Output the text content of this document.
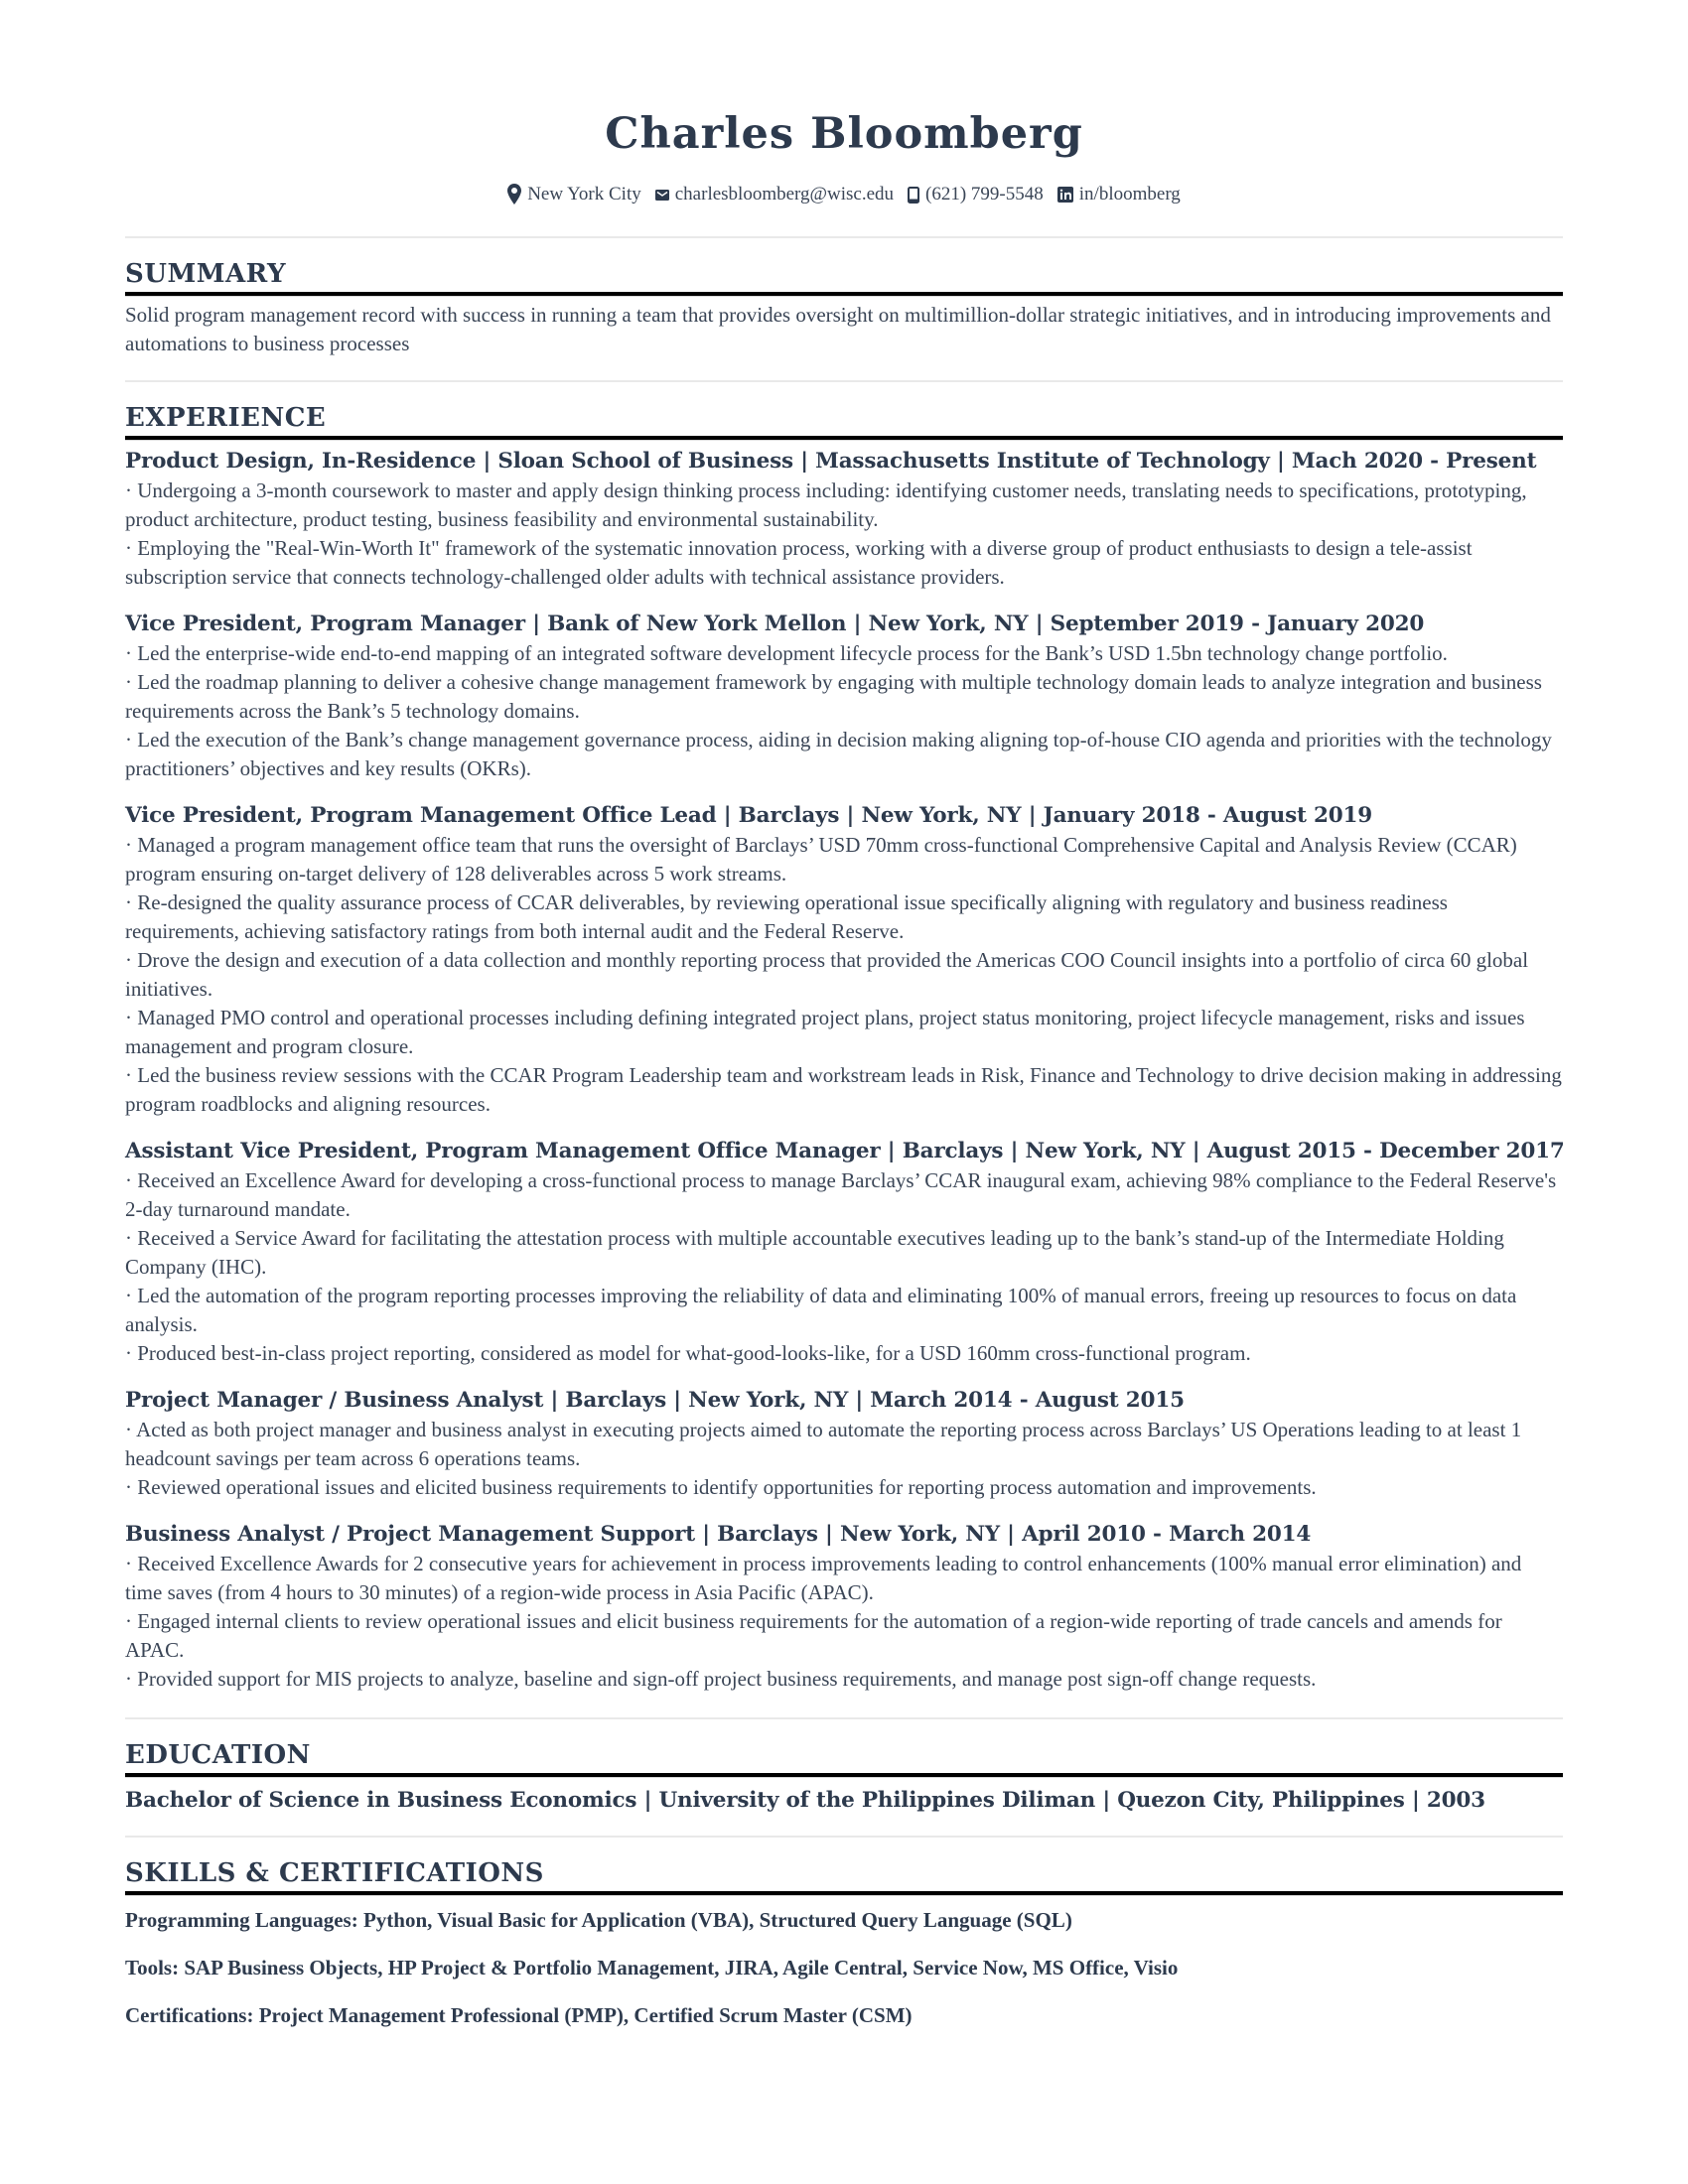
Charles Bloomberg
New York City charlesbloomberg@wisc.edu (621) 799-5548 in/bloomberg
SUMMARY
Solid program management record with success in running a team that provides oversight on multimillion-dollar strategic initiatives, and in introducing improvements and automations to business processes
EXPERIENCE
Product Design, In-Residence | Sloan School of Business | Massachusetts Institute of Technology | Mach 2020 - Present
· Undergoing a 3-month coursework to master and apply design thinking process including: identifying customer needs, translating needs to specifications, prototyping, product architecture, product testing, business feasibility and environmental sustainability.
· Employing the "Real-Win-Worth It" framework of the systematic innovation process, working with a diverse group of product enthusiasts to design a tele-assist subscription service that connects technology-challenged older adults with technical assistance providers.
Vice President, Program Manager | Bank of New York Mellon | New York, NY | September 2019 - January 2020
· Led the enterprise-wide end-to-end mapping of an integrated software development lifecycle process for the Bank’s USD 1.5bn technology change portfolio.
· Led the roadmap planning to deliver a cohesive change management framework by engaging with multiple technology domain leads to analyze integration and business requirements across the Bank’s 5 technology domains.
· Led the execution of the Bank’s change management governance process, aiding in decision making aligning top-of-house CIO agenda and priorities with the technology practitioners’ objectives and key results (OKRs).
Vice President, Program Management Office Lead | Barclays | New York, NY | January 2018 - August 2019
· Managed a program management office team that runs the oversight of Barclays’ USD 70mm cross-functional Comprehensive Capital and Analysis Review (CCAR) program ensuring on-target delivery of 128 deliverables across 5 work streams.
· Re-designed the quality assurance process of CCAR deliverables, by reviewing operational issue specifically aligning with regulatory and business readiness requirements, achieving satisfactory ratings from both internal audit and the Federal Reserve.
· Drove the design and execution of a data collection and monthly reporting process that provided the Americas COO Council insights into a portfolio of circa 60 global initiatives.
· Managed PMO control and operational processes including defining integrated project plans, project status monitoring, project lifecycle management, risks and issues management and program closure.
· Led the business review sessions with the CCAR Program Leadership team and workstream leads in Risk, Finance and Technology to drive decision making in addressing program roadblocks and aligning resources.
Assistant Vice President, Program Management Office Manager | Barclays | New York, NY | August 2015 - December 2017
· Received an Excellence Award for developing a cross-functional process to manage Barclays’ CCAR inaugural exam, achieving 98% compliance to the Federal Reserve's 2-day turnaround mandate.
· Received a Service Award for facilitating the attestation process with multiple accountable executives leading up to the bank’s stand-up of the Intermediate Holding Company (IHC).
· Led the automation of the program reporting processes improving the reliability of data and eliminating 100% of manual errors, freeing up resources to focus on data analysis.
· Produced best-in-class project reporting, considered as model for what-good-looks-like, for a USD 160mm cross-functional program.
Project Manager / Business Analyst | Barclays | New York, NY | March 2014 - August 2015
· Acted as both project manager and business analyst in executing projects aimed to automate the reporting process across Barclays’ US Operations leading to at least 1 headcount savings per team across 6 operations teams.
· Reviewed operational issues and elicited business requirements to identify opportunities for reporting process automation and improvements.
Business Analyst / Project Management Support | Barclays | New York, NY | April 2010 - March 2014
· Received Excellence Awards for 2 consecutive years for achievement in process improvements leading to control enhancements (100% manual error elimination) and time saves (from 4 hours to 30 minutes) of a region-wide process in Asia Pacific (APAC).
· Engaged internal clients to review operational issues and elicit business requirements for the automation of a region-wide reporting of trade cancels and amends for APAC.
· Provided support for MIS projects to analyze, baseline and sign-off project business requirements, and manage post sign-off change requests.
EDUCATION
Bachelor of Science in Business Economics | University of the Philippines Diliman | Quezon City, Philippines | 2003
SKILLS & CERTIFICATIONS
Programming Languages: Python, Visual Basic for Application (VBA), Structured Query Language (SQL)
Tools: SAP Business Objects, HP Project & Portfolio Management, JIRA, Agile Central, Service Now, MS Office, Visio
Certifications: Project Management Professional (PMP), Certified Scrum Master (CSM)
